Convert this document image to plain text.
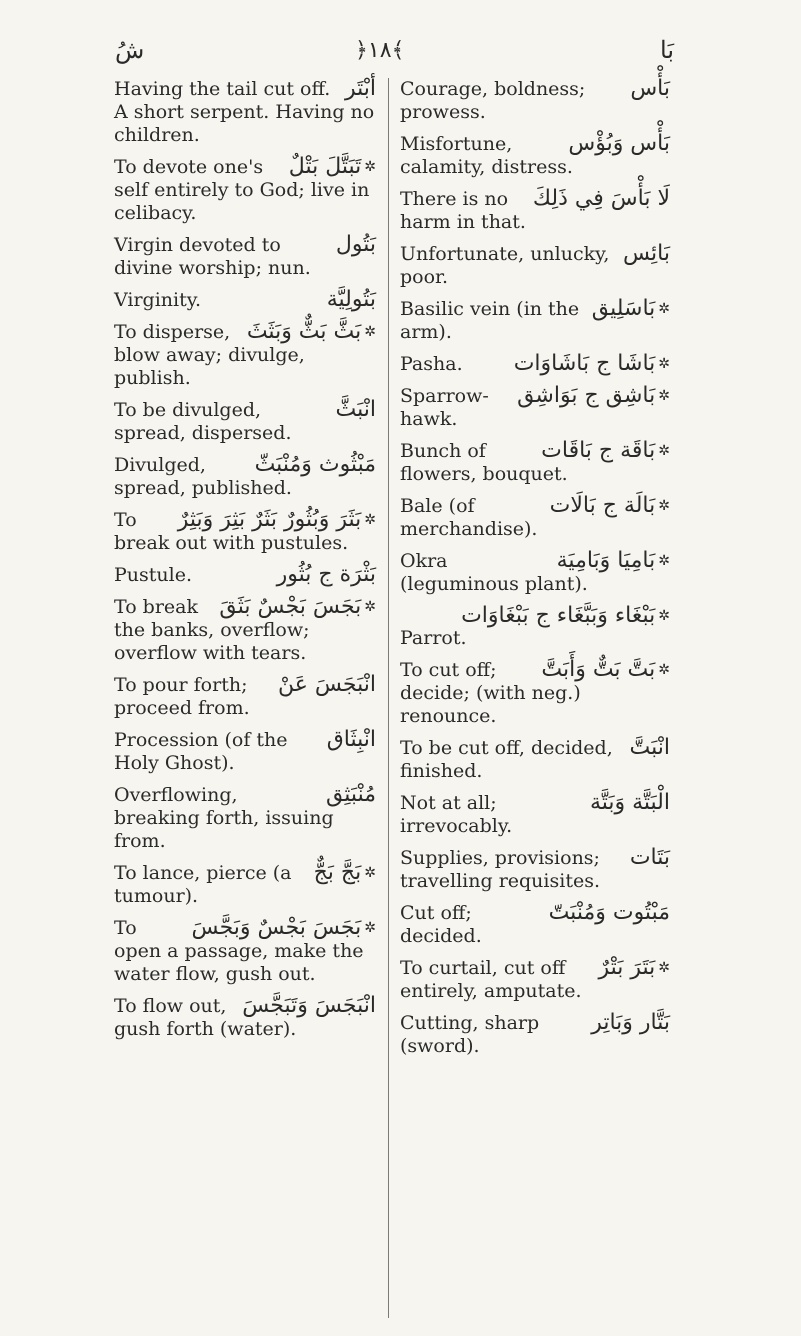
شُ	﴿١٨﴾	بَا
أبْتَر
Having the tail cut off. A short serpent. Having no children.
✲
تَبَتَّلَ بَتْلٌ
To devote one's self entirely to God; live in celibacy.
بَتُول
Virgin devoted to divine worship; nun.
بَتُولِيَّة
Virginity.
✲
بَثَّ بَثٌّ وَبَثَثَ
To disperse, blow away; divulge, publish.
انْبَثَّ
To be divulged, spread, dispersed.
مَبْثُوث وَمُنْبَثّ
Divulged, spread, published.
✲
بَثَرَ وَبُثُورٌ بَثَرٌ بَثِرَ وَبَثِرٌ
To break out with pustules.
بَثْرَة ج بُثُور
Pustule.
✲
بَجَسَ بَجْسٌ بَثَقَ
To break the banks, overflow; overflow with tears.
انْبَجَسَ عَنْ
To pour forth; proceed from.
انْبِثَاق
Procession (of the Holy Ghost).
مُنْبَثِق
Overflowing, breaking forth, issuing from.
✲
بَجَّ بَجٌّ
To lance, pierce (a tumour).
✲
بَجَسَ بَجْسٌ وَبَجَّسَ
To open a passage, make the water flow, gush out.
انْبَجَسَ وَتَبَجَّسَ
To flow out, gush forth (water).
بَأْس
Courage, boldness; prowess.
بَأْس وَبُؤْس
Misfortune, calamity, distress.
لَا بَأْسَ فِي ذَلِكَ
There is no harm in that.
بَائِس
Unfortunate, unlucky, poor.
✲
بَاسَلِيق
Basilic vein (in the arm).
✲
بَاشَا ج بَاشَاوَات
Pasha.
✲
بَاشِق ج بَوَاشِق
Sparrow-hawk.
✲
بَاقَة ج بَاقَات
Bunch of flowers, bouquet.
✲
بَالَة ج بَالَات
Bale (of merchandise).
✲
بَامِيَا وَبَامِيَة
Okra (leguminous plant).
✲
بَبْغَاء وَبَبَّغَاء ج بَبْغَاوَات
Parrot.
✲
بَتَّ بَتٌّ وَأَبَتَّ
To cut off; decide; (with neg.) renounce.
انْبَتَّ
To be cut off, decided, finished.
الْبَتَّة وَبَتَّة
Not at all; irrevocably.
بَتَات
Supplies, provisions; travelling requisites.
مَبْتُوت وَمُنْبَتّ
Cut off; decided.
✲
بَتَرَ بَتْرٌ
To curtail, cut off entirely, amputate.
بَتَّار وَبَاتِر
Cutting, sharp (sword).
